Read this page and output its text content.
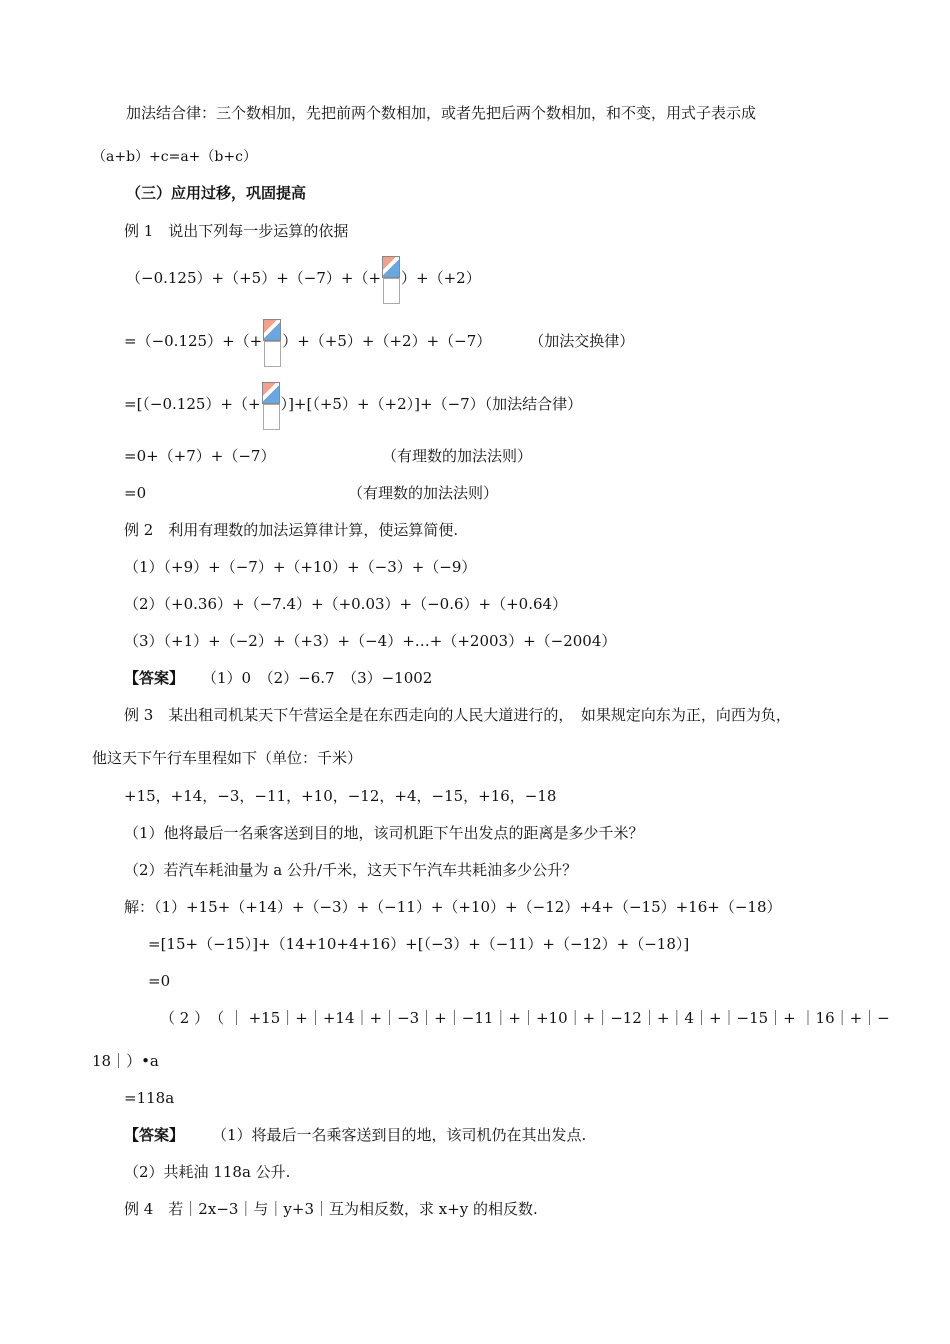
加法结合律：三个数相加，先把前两个数相加，或者先把后两个数相加，和不变，用式子表示成
（a+b）+c=a+（b+c）
（三）应用过移，巩固提高
例 1　说出下列每一步运算的依据
（−0.125）+（+5）+（−7）+（+ ）+（+2）
=（−0.125）+（+ ）+（+5）+（+2）+（−7）	（加法交换律）
=[（−0.125）+（+ ）]+[（+5）+（+2）]+（−7）（加法结合律）
=0+（+7）+（−7）	（有理数的加法法则）
=0	（有理数的加法法则）
例 2　利用有理数的加法运算律计算，使运算简便.
（1）（+9）+（−7）+（+10）+（−3）+（−9）
（2）（+0.36）+（−7.4）+（+0.03）+（−0.6）+（+0.64）
（3）（+1）+（−2）+（+3）+（−4）+…+（+2003）+（−2004）
【答案】 （1）0　（2）−6.7　（3）−1002
例 3　某出租司机某天下午营运全是在东西走向的人民大道进行的，　如果规定向东为正，向西为负，
他这天下午行车里程如下（单位：千米）
+15，+14，−3，−11，+10，−12，+4，−15，+16，−18
（1）他将最后一名乘客送到目的地，该司机距下午出发点的距离是多少千米？
（2）若汽车耗油量为 a 公升/千米，这天下午汽车共耗油多少公升？
解：（1）+15+（+14）+（−3）+（−11）+（+10）+（−12）+4+（−15）+16+（−18）
=[15+（−15）]+（14+10+4+16）+[（−3）+（−11）+（−12）+（−18）]
=0
（ 2 ）　（ ｜ +15｜+｜+14｜+｜−3｜+｜−11｜+｜+10｜+｜−12｜+｜4｜+｜−15｜+ ｜16｜+｜−
18｜）•a
=118a
【答案】 （1）将最后一名乘客送到目的地，该司机仍在其出发点.
（2）共耗油 118a 公升.
例 4　若｜2x−3｜与｜y+3｜互为相反数，求 x+y 的相反数.
